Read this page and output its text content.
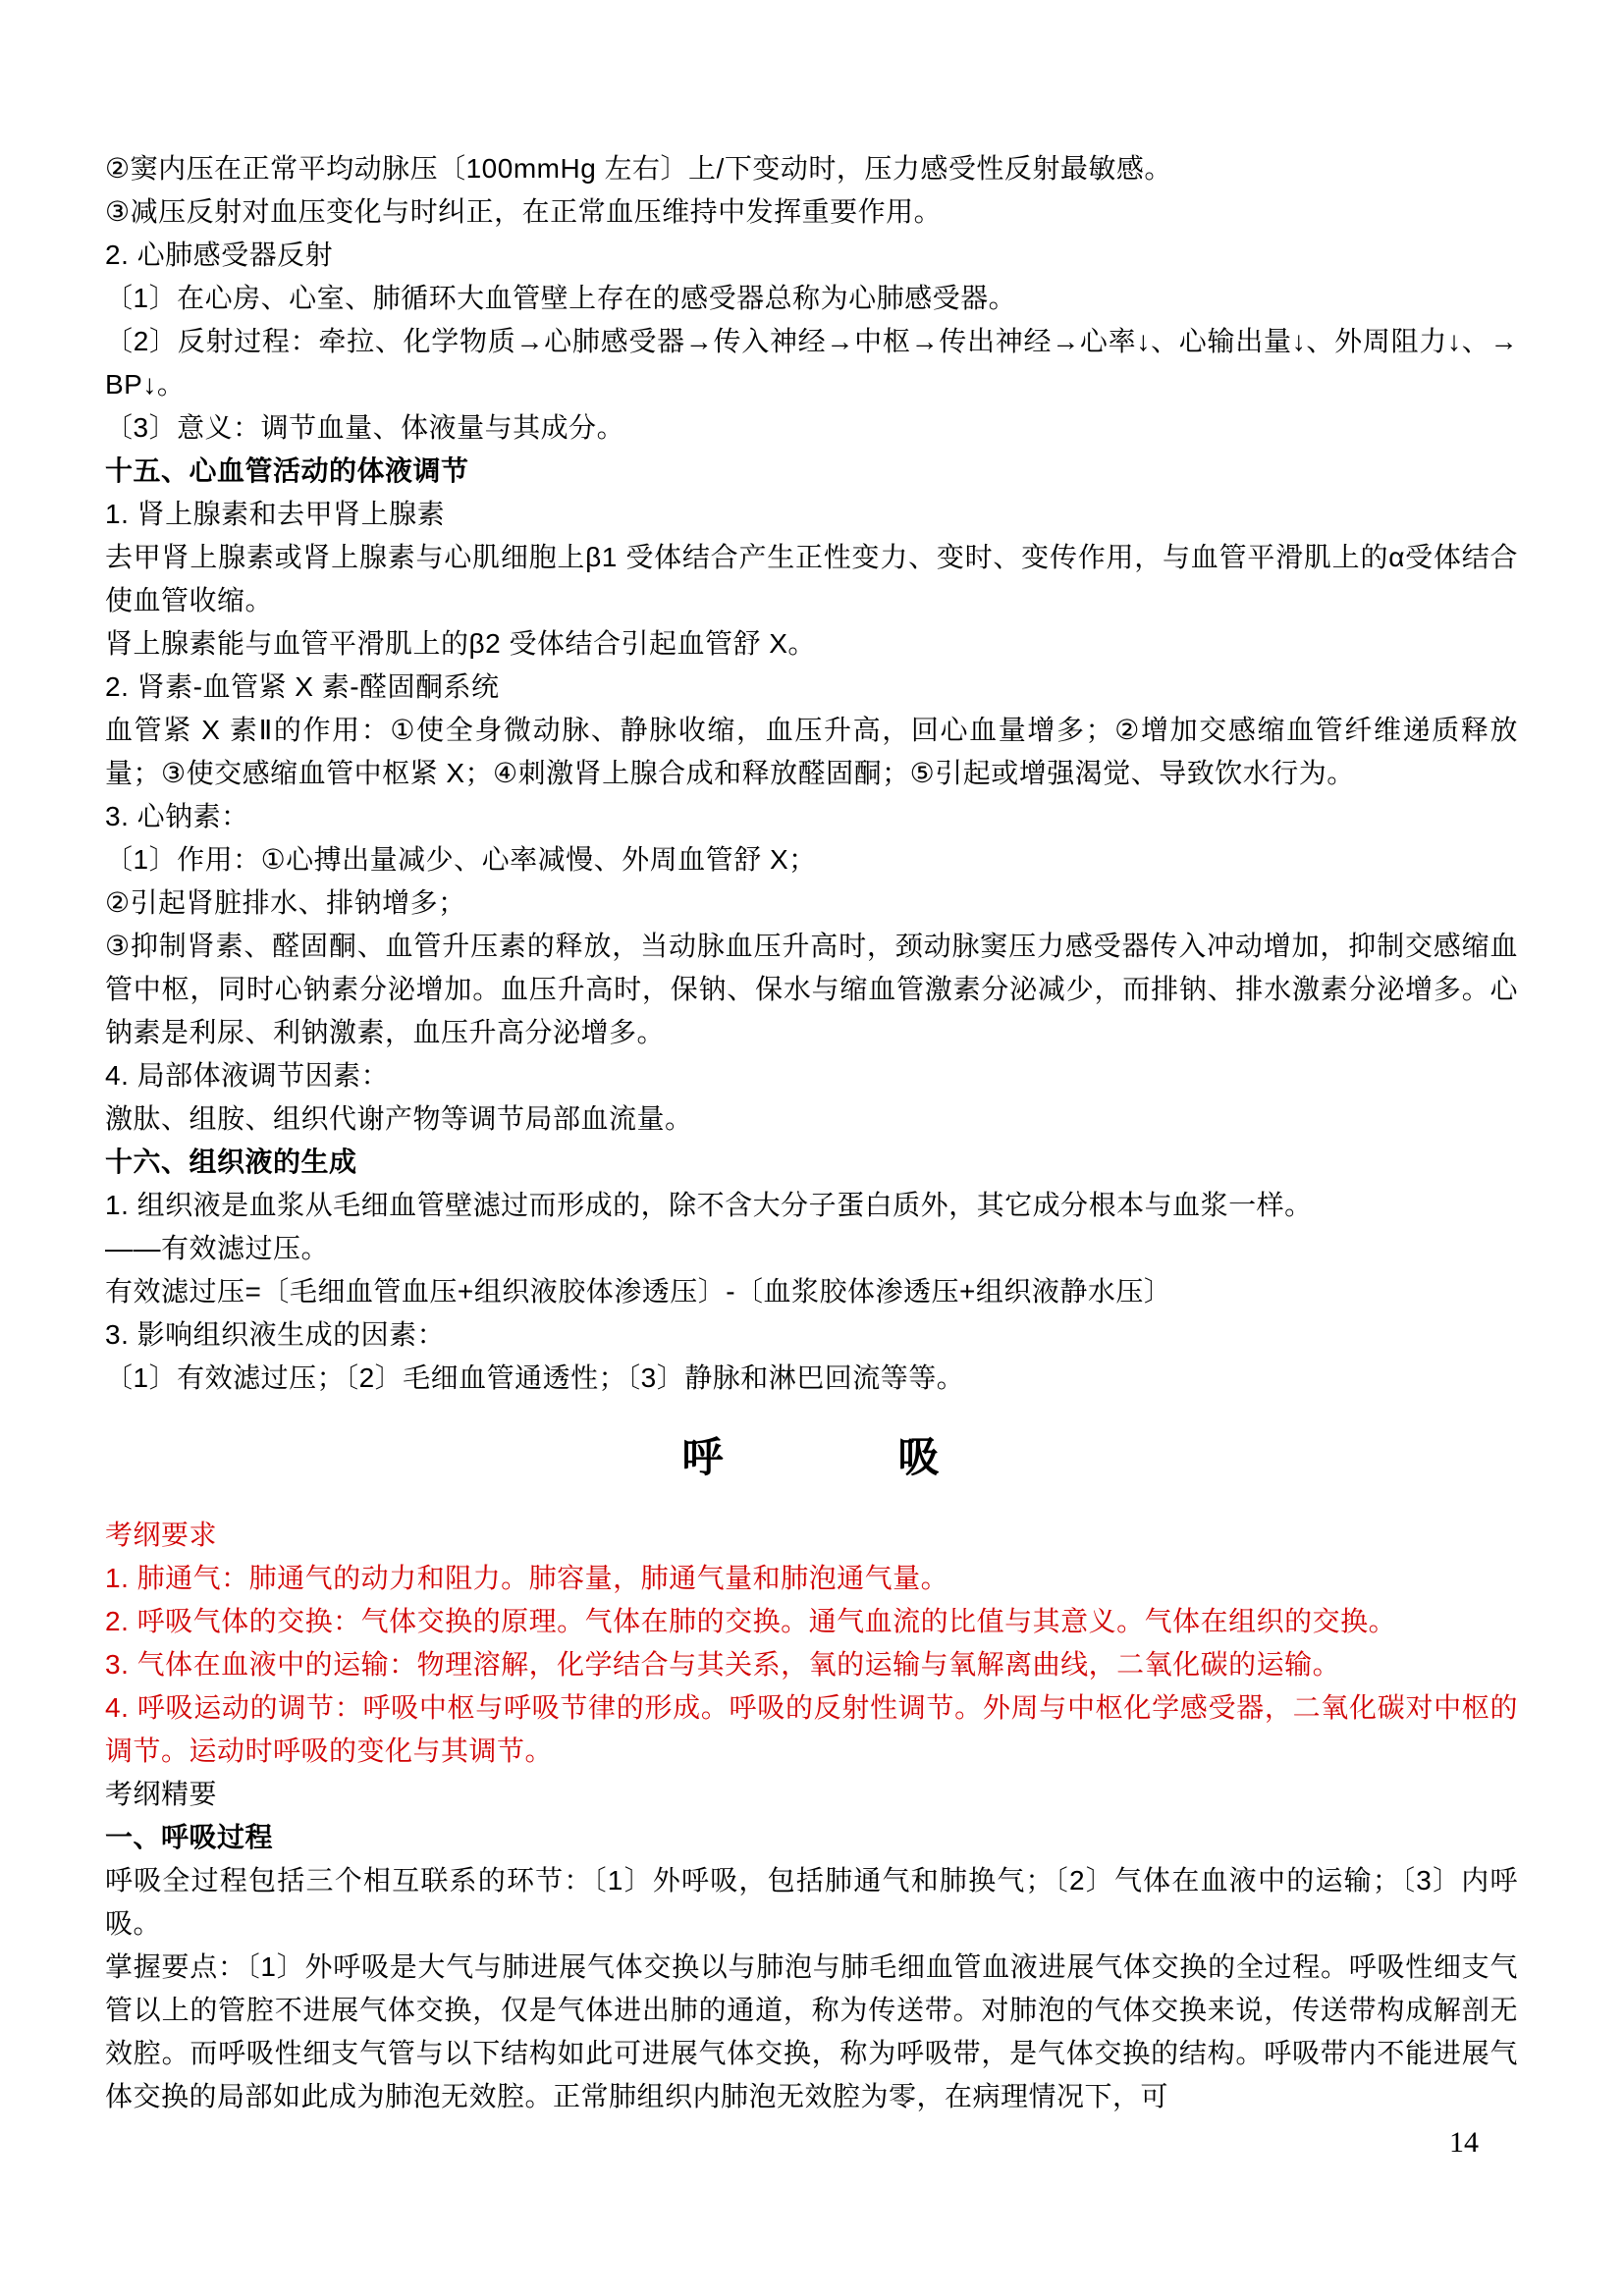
②窦内压在正常平均动脉压〔100mmHg 左右〕上/下变动时，压力感受性反射最敏感。

③减压反射对血压变化与时纠正，在正常血压维持中发挥重要作用。

2. 心肺感受器反射

〔1〕在心房、心室、肺循环大血管壁上存在的感受器总称为心肺感受器。

〔2〕反射过程：牵拉、化学物质→心肺感受器→传入神经→中枢→传出神经→心率↓、心输出量↓、外周阻力↓、→BP↓。

〔3〕意义：调节血量、体液量与其成分。

十五、心血管活动的体液调节

1. 肾上腺素和去甲肾上腺素

去甲肾上腺素或肾上腺素与心肌细胞上β1 受体结合产生正性变力、变时、变传作用，与血管平滑肌上的α受体结合使血管收缩。

肾上腺素能与血管平滑肌上的β2 受体结合引起血管舒 X。

2. 肾素-血管紧 X 素-醛固酮系统

血管紧 X 素Ⅱ的作用：①使全身微动脉、静脉收缩，血压升高，回心血量增多；②增加交感缩血管纤维递质释放量；③使交感缩血管中枢紧 X；④刺激肾上腺合成和释放醛固酮；⑤引起或增强渴觉、导致饮水行为。

3. 心钠素：

〔1〕作用：①心搏出量减少、心率减慢、外周血管舒 X；

②引起肾脏排水、排钠增多；

③抑制肾素、醛固酮、血管升压素的释放，当动脉血压升高时，颈动脉窦压力感受器传入冲动增加，抑制交感缩血管中枢，同时心钠素分泌增加。血压升高时，保钠、保水与缩血管激素分泌减少，而排钠、排水激素分泌增多。心钠素是利尿、利钠激素，血压升高分泌增多。

4. 局部体液调节因素：

激肽、组胺、组织代谢产物等调节局部血流量。

十六、组织液的生成

1. 组织液是血浆从毛细血管壁滤过而形成的，除不含大分子蛋白质外，其它成分根本与血浆一样。

——有效滤过压。

有效滤过压=〔毛细血管血压+组织液胶体渗透压〕-〔血浆胶体渗透压+组织液静水压〕

3. 影响组织液生成的因素：

〔1〕有效滤过压；〔2〕毛细血管通透性；〔3〕静脉和淋巴回流等等。

呼　　　　吸

考纲要求

1. 肺通气：肺通气的动力和阻力。肺容量，肺通气量和肺泡通气量。

2. 呼吸气体的交换：气体交换的原理。气体在肺的交换。通气血流的比值与其意义。气体在组织的交换。

3. 气体在血液中的运输：物理溶解，化学结合与其关系，氧的运输与氧解离曲线，二氧化碳的运输。

4. 呼吸运动的调节：呼吸中枢与呼吸节律的形成。呼吸的反射性调节。外周与中枢化学感受器，二氧化碳对中枢的调节。运动时呼吸的变化与其调节。

考纲精要

一、呼吸过程

呼吸全过程包括三个相互联系的环节：〔1〕外呼吸，包括肺通气和肺换气；〔2〕气体在血液中的运输；〔3〕内呼吸。

掌握要点：〔1〕外呼吸是大气与肺进展气体交换以与肺泡与肺毛细血管血液进展气体交换的全过程。呼吸性细支气管以上的管腔不进展气体交换，仅是气体进出肺的通道，称为传送带。对肺泡的气体交换来说，传送带构成解剖无效腔。而呼吸性细支气管与以下结构如此可进展气体交换，称为呼吸带，是气体交换的结构。呼吸带内不能进展气体交换的局部如此成为肺泡无效腔。正常肺组织内肺泡无效腔为零，在病理情况下，可

14
